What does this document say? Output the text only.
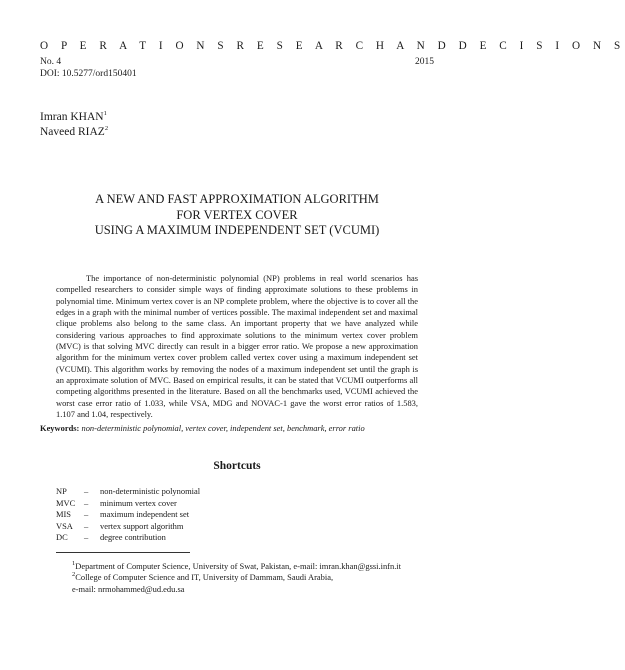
O P E R A T I O N S R E S E A R C H A N D D E C I S I O N S
No. 4
DOI: 10.5277/ord150401
2015
Imran KHAN$^1$
Naveed RIAZ$^2$
A NEW AND FAST APPROXIMATION ALGORITHM
FOR VERTEX COVER
USING A MAXIMUM INDEPENDENT SET (VCUMI)
The importance of non-deterministic polynomial (NP) problems in real world scenarios has compelled researchers to consider simple ways of finding approximate solutions to these problems in polynomial time. Minimum vertex cover is an NP complete problem, where the objective is to cover all the edges in a graph with the minimal number of vertices possible. The maximal independent set and maximal clique problems also belong to the same class. An important property that we have analyzed while considering various approaches to find approximate solutions to the minimum vertex cover problem (MVC) is that solving MVC directly can result in a bigger error ratio. We propose a new approximation algorithm for the minimum vertex cover problem called vertex cover using a maximum independent set (VCUMI). This algorithm works by removing the nodes of a maximum independent set until the graph is an approximate solution of MVC. Based on empirical results, it can be stated that VCUMI outperforms all competing algorithms presented in the literature. Based on all the benchmarks used, VCUMI achieved the worst case error ratio of 1.033, while VSA, MDG and NOVAC-1 gave the worst error ratios of 1.583, 1.107 and 1.04, respectively.
Keywords: non-deterministic polynomial, vertex cover, independent set, benchmark, error ratio
Shortcuts
NP	–	non-deterministic polynomial
MVC	–	minimum vertex cover
MIS	–	maximum independent set
VSA	–	vertex support algorithm
DC	–	degree contribution
$^1$Department of Computer Science, University of Swat, Pakistan, e-mail: imran.khan@gssi.infn.it
$^2$College of Computer Science and IT, University of Dammam, Saudi Arabia,
e-mail: nrmohammed@ud.edu.sa
